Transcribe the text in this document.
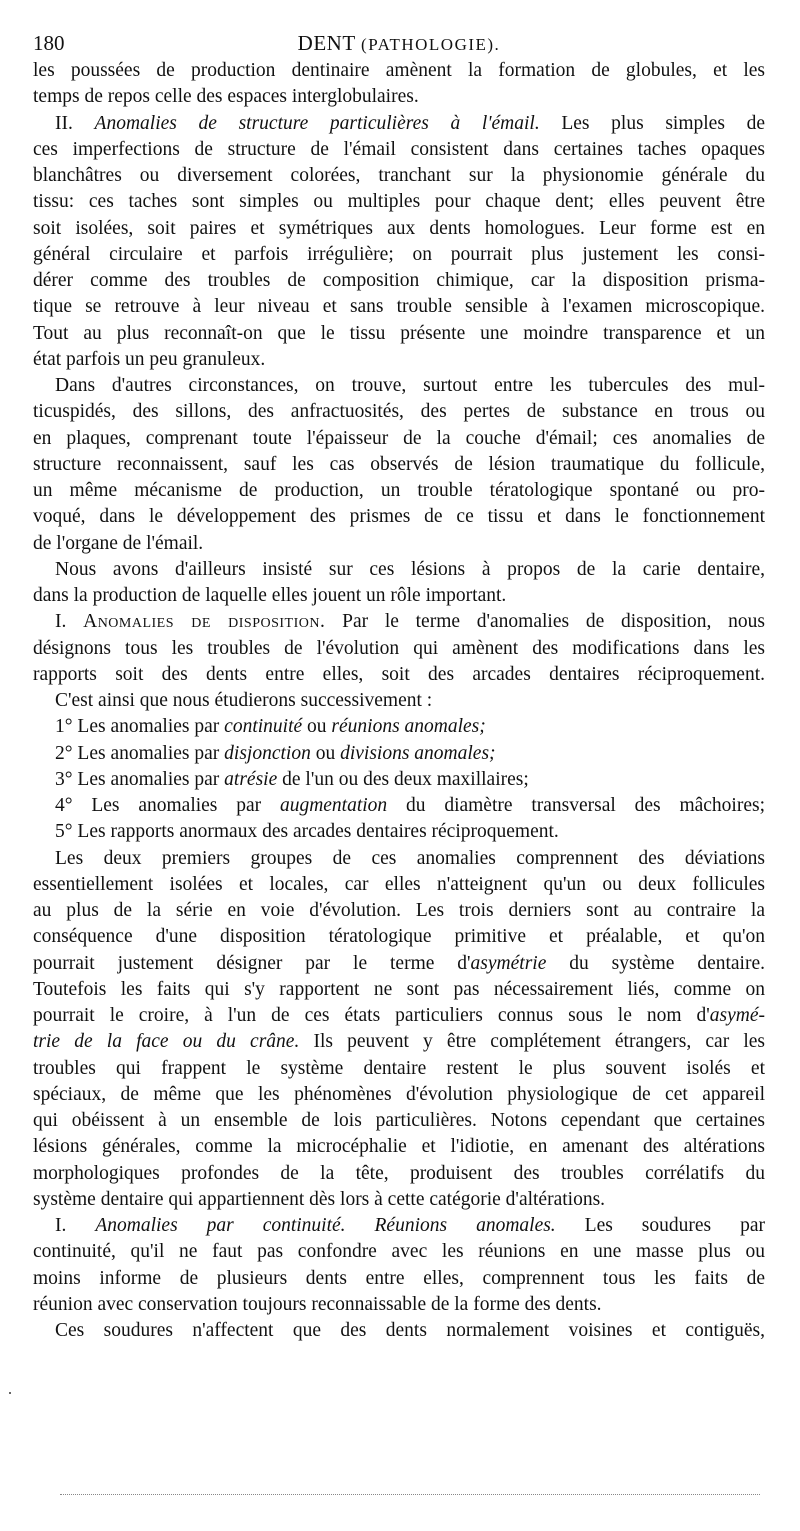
180	DENT (PATHOLOGIE).
les poussées de production dentinaire amènent la formation de globules, et les
temps de repos celle des espaces interglobulaires.
II. Anomalies de structure particulières à l'émail. Les plus simples de
ces imperfections de structure de l'émail consistent dans certaines taches opaques
blanchâtres ou diversement colorées, tranchant sur la physionomie générale du
tissu: ces taches sont simples ou multiples pour chaque dent; elles peuvent être
soit isolées, soit paires et symétriques aux dents homologues. Leur forme est en
général circulaire et parfois irrégulière; on pourrait plus justement les consi-
dérer comme des troubles de composition chimique, car la disposition prisma-
tique se retrouve à leur niveau et sans trouble sensible à l'examen microscopique.
Tout au plus reconnaît-on que le tissu présente une moindre transparence et un
état parfois un peu granuleux.
Dans d'autres circonstances, on trouve, surtout entre les tubercules des mul-
ticuspidés, des sillons, des anfractuosités, des pertes de substance en trous ou
en plaques, comprenant toute l'épaisseur de la couche d'émail; ces anomalies de
structure reconnaissent, sauf les cas observés de lésion traumatique du follicule,
un même mécanisme de production, un trouble tératologique spontané ou pro-
voqué, dans le développement des prismes de ce tissu et dans le fonctionnement
de l'organe de l'émail.
Nous avons d'ailleurs insisté sur ces lésions à propos de la carie dentaire,
dans la production de laquelle elles jouent un rôle important.
I. Anomalies de disposition. Par le terme d'anomalies de disposition, nous
désignons tous les troubles de l'évolution qui amènent des modifications dans les
rapports soit des dents entre elles, soit des arcades dentaires réciproquement.
C'est ainsi que nous étudierons successivement :
1° Les anomalies par continuité ou réunions anomales;
2° Les anomalies par disjonction ou divisions anomales;
3° Les anomalies par atrésie de l'un ou des deux maxillaires;
4° Les anomalies par augmentation du diamètre transversal des mâchoires;
5° Les rapports anormaux des arcades dentaires réciproquement.
Les deux premiers groupes de ces anomalies comprennent des déviations
essentiellement isolées et locales, car elles n'atteignent qu'un ou deux follicules
au plus de la série en voie d'évolution. Les trois derniers sont au contraire la
conséquence d'une disposition tératologique primitive et préalable, et qu'on
pourrait justement désigner par le terme d'asymétrie du système dentaire.
Toutefois les faits qui s'y rapportent ne sont pas nécessairement liés, comme on
pourrait le croire, à l'un de ces états particuliers connus sous le nom d'asymé-
trie de la face ou du crâne. Ils peuvent y être complétement étrangers, car les
troubles qui frappent le système dentaire restent le plus souvent isolés et
spéciaux, de même que les phénomènes d'évolution physiologique de cet appareil
qui obéissent à un ensemble de lois particulières. Notons cependant que certaines
lésions générales, comme la microcéphalie et l'idiotie, en amenant des altérations
morphologiques profondes de la tête, produisent des troubles corrélatifs du
système dentaire qui appartiennent dès lors à cette catégorie d'altérations.
I. Anomalies par continuité. Réunions anomales. Les soudures par
continuité, qu'il ne faut pas confondre avec les réunions en une masse plus ou
moins informe de plusieurs dents entre elles, comprennent tous les faits de
réunion avec conservation toujours reconnaissable de la forme des dents.
Ces soudures n'affectent que des dents normalement voisines et contiguës,
